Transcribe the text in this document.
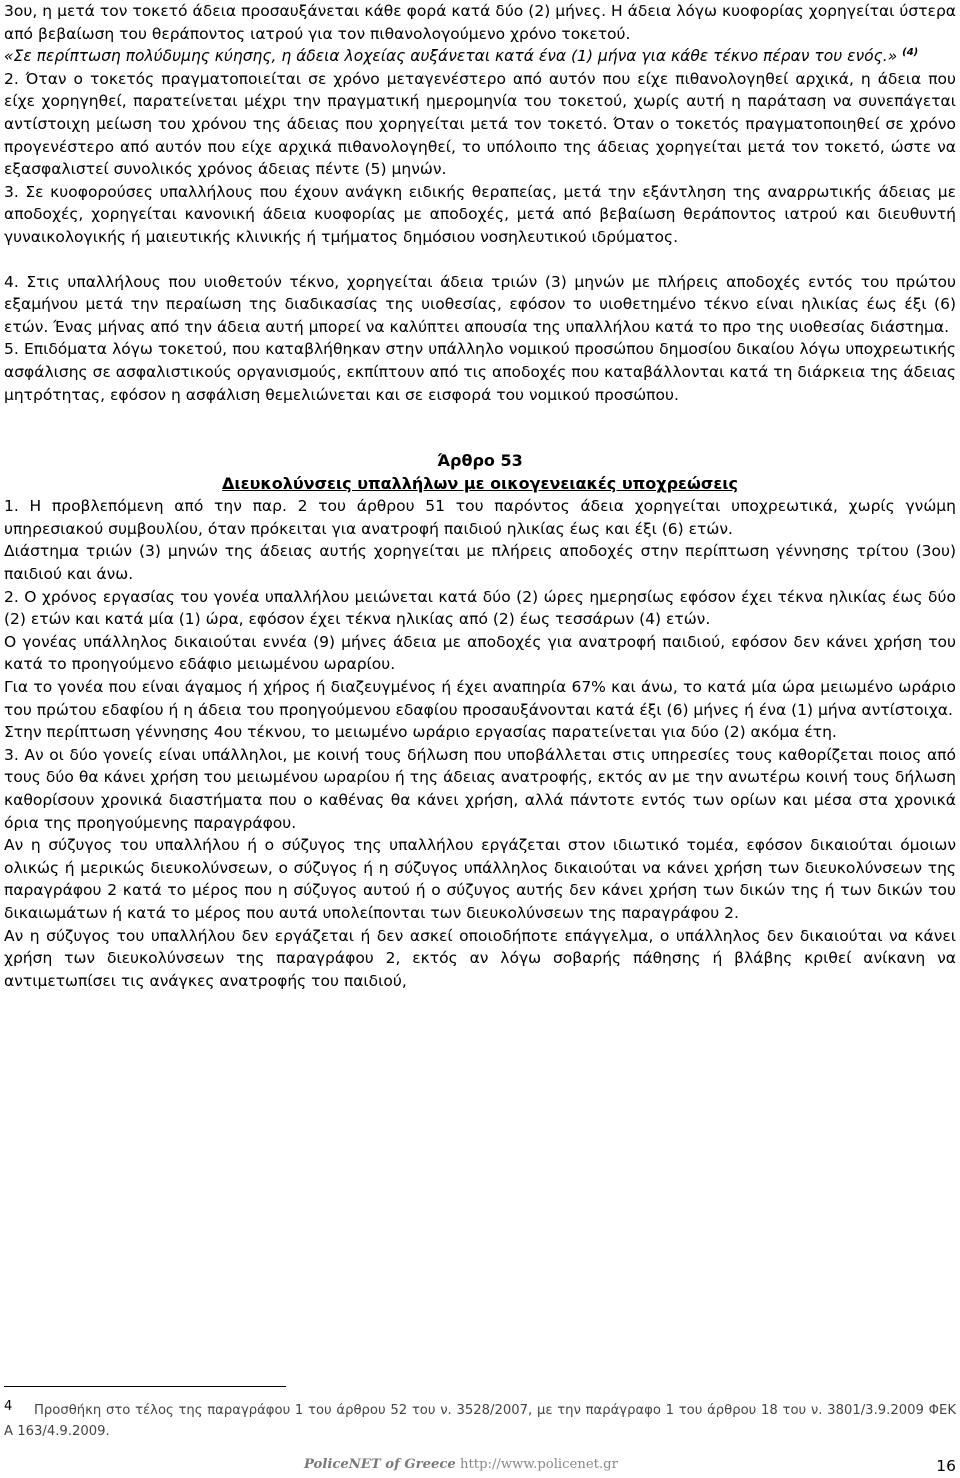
3ου, η μετά τον τοκετό άδεια προσαυξάνεται κάθε φορά κατά δύο (2) μήνες. Η άδεια λόγω κυοφορίας χορηγείται ύστερα από βεβαίωση του θεράποντος ιατρού για τον πιθανολογούμενο χρόνο τοκετού.

«Σε περίπτωση πολύδυμης κύησης, η άδεια λοχείας αυξάνεται κατά ένα (1) μήνα για κάθε τέκνο πέραν του ενός.» $^{(4)}$

2. Όταν ο τοκετός πραγματοποιείται σε χρόνο μεταγενέστερο από αυτόν που είχε πιθανολογηθεί αρχικά, η άδεια που είχε χορηγηθεί, παρατείνεται μέχρι την πραγματική ημερομηνία του τοκετού, χωρίς αυτή η παράταση να συνεπάγεται αντίστοιχη μείωση του χρόνου της άδειας που χορηγείται μετά τον τοκετό. Όταν ο τοκετός πραγματοποιηθεί σε χρόνο προγενέστερο από αυτόν που είχε αρχικά πιθανολογηθεί, το υπόλοιπο της άδειας χορηγείται μετά τον τοκετό, ώστε να εξασφαλιστεί συνολικός χρόνος άδειας πέντε (5) μηνών.

3. Σε κυοφορούσες υπαλλήλους που έχουν ανάγκη ειδικής θεραπείας, μετά την εξάντληση της αναρρωτικής άδειας με αποδοχές, χορηγείται κανονική άδεια κυοφορίας με αποδοχές, μετά από βεβαίωση θεράποντος ιατρού και διευθυντή γυναικολογικής ή μαιευτικής κλινικής ή τμήματος δημόσιου νοσηλευτικού ιδρύματος.

4. Στις υπαλλήλους που υιοθετούν τέκνο, χορηγείται άδεια τριών (3) μηνών με πλήρεις αποδοχές εντός του πρώτου εξαμήνου μετά την περαίωση της διαδικασίας της υιοθεσίας, εφόσον το υιοθετημένο τέκνο είναι ηλικίας έως έξι (6) ετών. Ένας μήνας από την άδεια αυτή μπορεί να καλύπτει απουσία της υπαλλήλου κατά το προ της υιοθεσίας διάστημα.

5. Επιδόματα λόγω τοκετού, που καταβλήθηκαν στην υπάλληλο νομικού προσώπου δημοσίου δικαίου λόγω υποχρεωτικής ασφάλισης σε ασφαλιστικούς οργανισμούς, εκπίπτουν από τις αποδοχές που καταβάλλονται κατά τη διάρκεια της άδειας μητρότητας, εφόσον η ασφάλιση θεμελιώνεται και σε εισφορά του νομικού προσώπου.

Άρθρο 53

Διευκολύνσεις υπαλλήλων με οικογενειακές υποχρεώσεις

1. Η προβλεπόμενη από την παρ. 2 του άρθρου 51 του παρόντος άδεια χορηγείται υποχρεωτικά, χωρίς γνώμη υπηρεσιακού συμβουλίου, όταν πρόκειται για ανατροφή παιδιού ηλικίας έως και έξι (6) ετών.

Διάστημα τριών (3) μηνών της άδειας αυτής χορηγείται με πλήρεις αποδοχές στην περίπτωση γέννησης τρίτου (3ου) παιδιού και άνω.

2. Ο χρόνος εργασίας του γονέα υπαλλήλου μειώνεται κατά δύο (2) ώρες ημερησίως εφόσον έχει τέκνα ηλικίας έως δύο (2) ετών και κατά μία (1) ώρα, εφόσον έχει τέκνα ηλικίας από (2) έως τεσσάρων (4) ετών.

Ο γονέας υπάλληλος δικαιούται εννέα (9) μήνες άδεια με αποδοχές για ανατροφή παιδιού, εφόσον δεν κάνει χρήση του κατά το προηγούμενο εδάφιο μειωμένου ωραρίου.

Για το γονέα που είναι άγαμος ή χήρος ή διαζευγμένος ή έχει αναπηρία 67% και άνω, το κατά μία ώρα μειωμένο ωράριο του πρώτου εδαφίου ή η άδεια του προηγούμενου εδαφίου προσαυξάνονται κατά έξι (6) μήνες ή ένα (1) μήνα αντίστοιχα.

Στην περίπτωση γέννησης 4ου τέκνου, το μειωμένο ωράριο εργασίας παρατείνεται για δύο (2) ακόμα έτη.

3. Αν οι δύο γονείς είναι υπάλληλοι, με κοινή τους δήλωση που υποβάλλεται στις υπηρεσίες τους καθορίζεται ποιος από τους δύο θα κάνει χρήση του μειωμένου ωραρίου ή της άδειας ανατροφής, εκτός αν με την ανωτέρω κοινή τους δήλωση καθορίσουν χρονικά διαστήματα που ο καθένας θα κάνει χρήση, αλλά πάντοτε εντός των ορίων και μέσα στα χρονικά όρια της προηγούμενης παραγράφου.

Αν η σύζυγος του υπαλλήλου ή ο σύζυγος της υπαλλήλου εργάζεται στον ιδιωτικό τομέα, εφόσον δικαιούται όμοιων ολικώς ή μερικώς διευκολύνσεων, ο σύζυγος ή η σύζυγος υπάλληλος δικαιούται να κάνει χρήση των διευκολύνσεων της παραγράφου 2 κατά το μέρος που η σύζυγος αυτού ή ο σύζυγος αυτής δεν κάνει χρήση των δικών της ή των δικών του δικαιωμάτων ή κατά το μέρος που αυτά υπολείπονται των διευκολύνσεων της παραγράφου 2.

Αν η σύζυγος του υπαλλήλου δεν εργάζεται ή δεν ασκεί οποιοδήποτε επάγγελμα, ο υπάλληλος δεν δικαιούται να κάνει χρήση των διευκολύνσεων της παραγράφου 2, εκτός αν λόγω σοβαρής πάθησης ή βλάβης κριθεί ανίκανη να αντιμετωπίσει τις ανάγκες ανατροφής του παιδιού,

4	Προσθήκη στο τέλος της παραγράφου 1 του άρθρου 52 του ν. 3528/2007, με την παράγραφο 1 του άρθρου 18 του ν. 3801/3.9.2009 ΦΕΚ Α 163/4.9.2009.

PoliceNET of Greece http://www.policenet.gr	16
